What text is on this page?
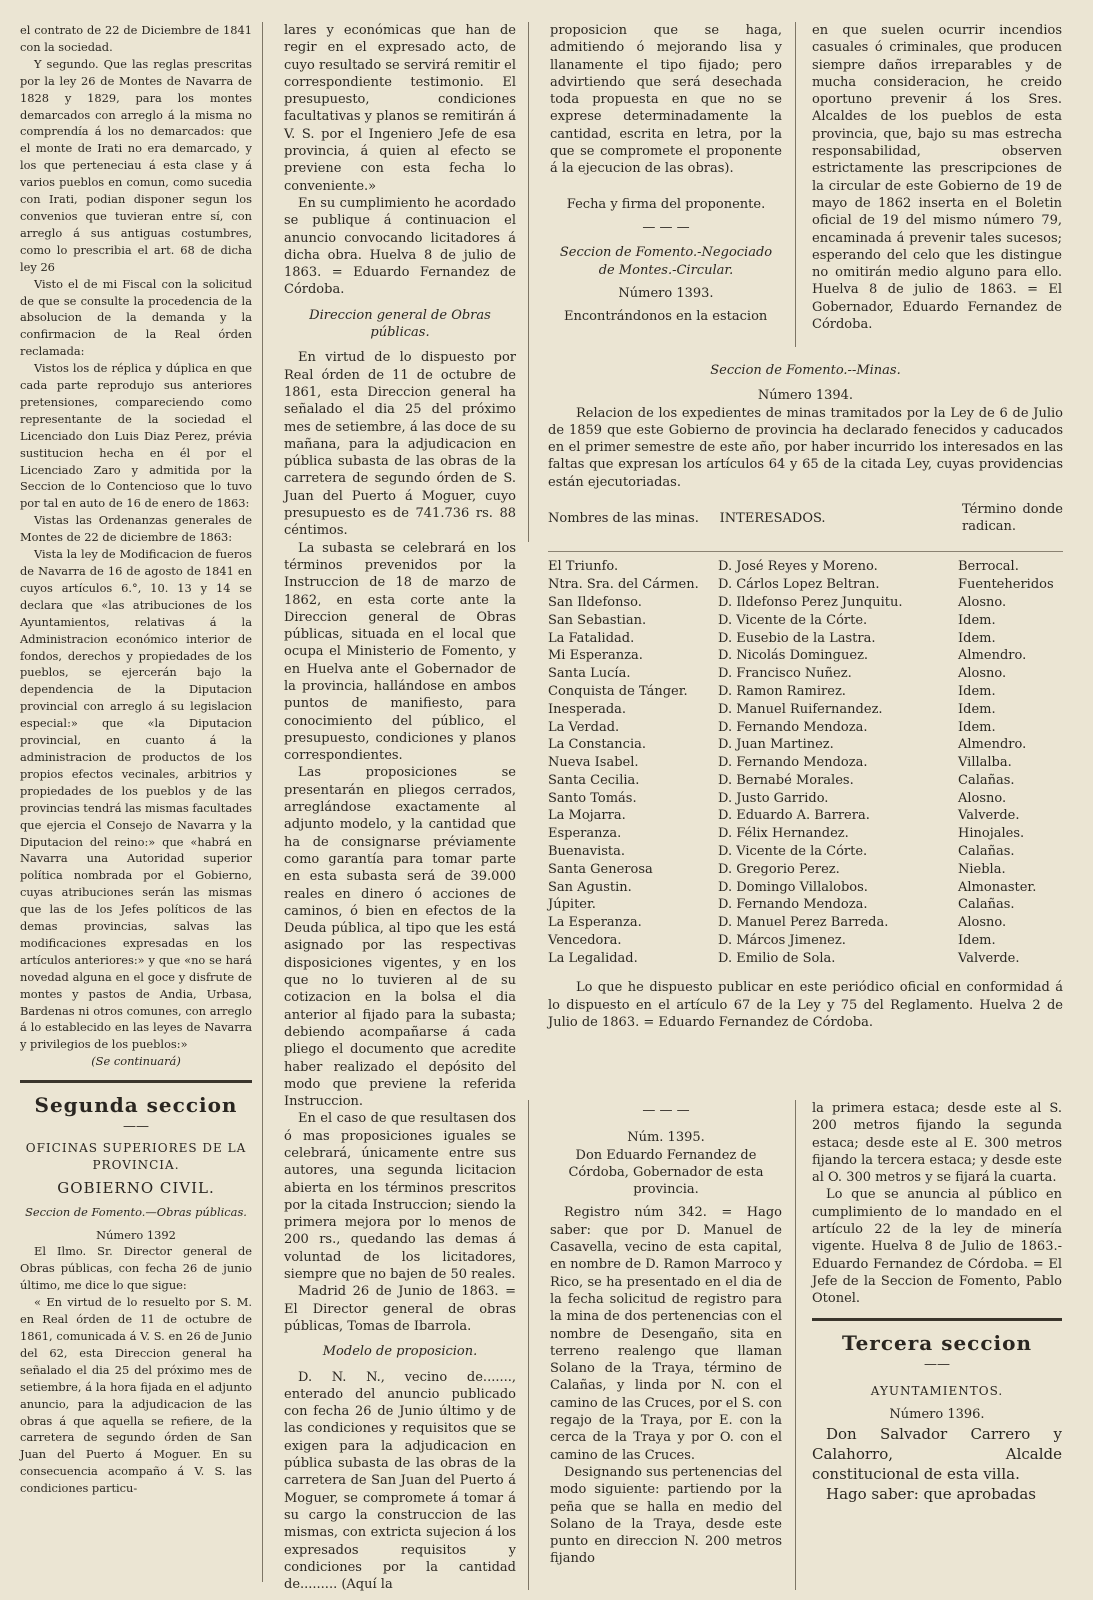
el contrato de 22 de Diciembre de 1841 con la sociedad.

Y segundo. Que las reglas prescritas por la ley 26 de Montes de Navarra de 1828 y 1829, para los montes demarcados con arreglo á la misma no comprendía á los no demarcados: que el monte de Irati no era demarcado, y los que perteneciau á esta clase y á varios pueblos en comun, como sucedia con Irati, podian disponer segun los convenios que tuvieran entre sí, con arreglo á sus antiguas costumbres, como lo prescribia el art. 68 de dicha ley 26

Visto el de mi Fiscal con la solicitud de que se consulte la procedencia de la absolucion de la demanda y la confirmacion de la Real órden reclamada:

Vistos los de réplica y dúplica en que cada parte reprodujo sus anteriores pretensiones, compareciendo como representante de la sociedad el Licenciado don Luis Diaz Perez, prévia sustitucion hecha en él por el Licenciado Zaro y admitida por la Seccion de lo Contencioso que lo tuvo por tal en auto de 16 de enero de 1863:

Vistas las Ordenanzas generales de Montes de 22 de diciembre de 1863:

Vista la ley de Modificacion de fueros de Navarra de 16 de agosto de 1841 en cuyos artículos 6.°, 10. 13 y 14 se declara que «las atribuciones de los Ayuntamientos, relativas á la Administracion económico interior de fondos, derechos y propiedades de los pueblos, se ejercerán bajo la dependencia de la Diputacion provincial con arreglo á su legislacion especial:» que «la Diputacion provincial, en cuanto á la administracion de productos de los propios efectos vecinales, arbitrios y propiedades de los pueblos y de las provincias tendrá las mismas facultades que ejercia el Consejo de Navarra y la Diputacion del reino:» que «habrá en Navarra una Autoridad superior política nombrada por el Gobierno, cuyas atribuciones serán las mismas que las de los Jefes políticos de las demas provincias, salvas las modificaciones expresadas en los artículos anteriores:» y que «no se hará novedad alguna en el goce y disfrute de montes y pastos de Andia, Urbasa, Bardenas ni otros comunes, con arreglo á lo establecido en las leyes de Navarra y privilegios de los pueblos:»

(Se continuará)

Segunda seccion
——
OFICINAS SUPERIORES DE LA PROVINCIA.
GOBIERNO CIVIL.

Seccion de Fomento.—Obras públicas.

Número 1392

El Ilmo. Sr. Director general de Obras públicas, con fecha 26 de junio último, me dice lo que sigue:

« En virtud de lo resuelto por S. M. en Real órden de 11 de octubre de 1861, comunicada á V. S. en 26 de Junio del 62, esta Direccion general ha señalado el dia 25 del próximo mes de setiembre, á la hora fijada en el adjunto anuncio, para la adjudicacion de las obras á que aquella se refiere, de la carretera de segundo órden de San Juan del Puerto á Moguer. En su consecuencia acompaño á V. S. las condiciones particu-

lares y económicas que han de regir en el expresado acto, de cuyo resultado se servirá remitir el correspondiente testimonio. El presupuesto, condiciones facultativas y planos se remitirán á V. S. por el Ingeniero Jefe de esa provincia, á quien al efecto se previene con esta fecha lo conveniente.»

En su cumplimiento he acordado se publique á continuacion el anuncio convocando licitadores á dicha obra. Huelva 8 de julio de 1863. = Eduardo Fernandez de Córdoba.

Direccion general de Obras públicas.

En virtud de lo dispuesto por Real órden de 11 de octubre de 1861, esta Direccion general ha señalado el dia 25 del próximo mes de setiembre, á las doce de su mañana, para la adjudicacion en pública subasta de las obras de la carretera de segundo órden de S. Juan del Puerto á Moguer, cuyo presupuesto es de 741.736 rs. 88 céntimos.

La subasta se celebrará en los términos prevenidos por la Instruccion de 18 de marzo de 1862, en esta corte ante la Direccion general de Obras públicas, situada en el local que ocupa el Ministerio de Fomento, y en Huelva ante el Gobernador de la provincia, hallándose en ambos puntos de manifiesto, para conocimiento del público, el presupuesto, condiciones y planos correspondientes.

Las proposiciones se presentarán en pliegos cerrados, arreglándose exactamente al adjunto modelo, y la cantidad que ha de consignarse préviamente como garantía para tomar parte en esta subasta será de 39.000 reales en dinero ó acciones de caminos, ó bien en efectos de la Deuda pública, al tipo que les está asignado por las respectivas disposiciones vigentes, y en los que no lo tuvieren al de su cotizacion en la bolsa el dia anterior al fijado para la subasta; debiendo acompañarse á cada pliego el documento que acredite haber realizado el depósito del modo que previene la referida Instruccion.

En el caso de que resultasen dos ó mas proposiciones iguales se celebrará, únicamente entre sus autores, una segunda licitacion abierta en los términos prescritos por la citada Instruccion; siendo la primera mejora por lo menos de 200 rs., quedando las demas á voluntad de los licitadores, siempre que no bajen de 50 reales.

Madrid 26 de Junio de 1863. = El Director general de obras públicas, Tomas de Ibarrola.

Modelo de proposicion.

D. N. N., vecino de......., enterado del anuncio publicado con fecha 26 de Junio último y de las condiciones y requisitos que se exigen para la adjudicacion en pública subasta de las obras de la carretera de San Juan del Puerto á Moguer, se compromete á tomar á su cargo la construccion de las mismas, con extricta sujecion á los expresados requisitos y condiciones por la cantidad de......... (Aquí la

proposicion que se haga, admitiendo ó mejorando lisa y llanamente el tipo fijado; pero advirtiendo que será desechada toda propuesta en que no se exprese determinadamente la cantidad, escrita en letra, por la que se compromete el proponente á la ejecucion de las obras).

Fecha y firma del proponente.

— — —

Seccion de Fomento.-Negociado de Montes.-Circular.

Número 1393.

Encontrándonos en la estacion

en que suelen ocurrir incendios casuales ó criminales, que producen siempre daños irreparables y de mucha consideracion, he creido oportuno prevenir á los Sres. Alcaldes de los pueblos de esta provincia, que, bajo su mas estrecha responsabilidad, observen estrictamente las prescripciones de la circular de este Gobierno de 19 de mayo de 1862 inserta en el Boletin oficial de 19 del mismo número 79, encaminada á prevenir tales sucesos; esperando del celo que les distingue no omitirán medio alguno para ello. Huelva 8 de julio de 1863. = El Gobernador, Eduardo Fernandez de Córdoba.

Seccion de Fomento.--Minas.

Número 1394.

Relacion de los expedientes de minas tramitados por la Ley de 6 de Julio de 1859 que este Gobierno de provincia ha declarado fenecidos y caducados en el primer semestre de este año, por haber incurrido los interesados en las faltas que expresan los artículos 64 y 65 de la citada Ley, cuyas providencias están ejecutoriadas.

Nombres de las minas.	INTERESADOS.	Término donde radican.

El Triunfo.	D. José Reyes y Moreno.	Berrocal.
Ntra. Sra. del Cármen.	D. Cárlos Lopez Beltran.	Fuenteheridos
San Ildefonso.	D. Ildefonso Perez Junquitu.	Alosno.
San Sebastian.	D. Vicente de la Córte.	Idem.
La Fatalidad.	D. Eusebio de la Lastra.	Idem.
Mi Esperanza.	D. Nicolás Dominguez.	Almendro.
Santa Lucía.	D. Francisco Nuñez.	Alosno.
Conquista de Tánger.	D. Ramon Ramirez.	Idem.
Inesperada.	D. Manuel Ruifernandez.	Idem.
La Verdad.	D. Fernando Mendoza.	Idem.
La Constancia.	D. Juan Martinez.	Almendro.
Nueva Isabel.	D. Fernando Mendoza.	Villalba.
Santa Cecilia.	D. Bernabé Morales.	Calañas.
Santo Tomás.	D. Justo Garrido.	Alosno.
La Mojarra.	D. Eduardo A. Barrera.	Valverde.
Esperanza.	D. Félix Hernandez.	Hinojales.
Buenavista.	D. Vicente de la Córte.	Calañas.
Santa Generosa	D. Gregorio Perez.	Niebla.
San Agustin.	D. Domingo Villalobos.	Almonaster.
Júpiter.	D. Fernando Mendoza.	Calañas.
La Esperanza.	D. Manuel Perez Barreda.	Alosno.
Vencedora.	D. Márcos Jimenez.	Idem.
La Legalidad.	D. Emilio de Sola.	Valverde.

Lo que he dispuesto publicar en este periódico oficial en conformidad á lo dispuesto en el artículo 67 de la Ley y 75 del Reglamento. Huelva 2 de Julio de 1863. = Eduardo Fernandez de Córdoba.

— — —

Núm. 1395.

Don Eduardo Fernandez de Córdoba, Gobernador de esta provincia.

Registro núm 342. = Hago saber: que por D. Manuel de Casavella, vecino de esta capital, en nombre de D. Ramon Marroco y Rico, se ha presentado en el dia de la fecha solicitud de registro para la mina de dos pertenencias con el nombre de Desengaño, sita en terreno realengo que llaman Solano de la Traya, término de Calañas, y linda por N. con el camino de las Cruces, por el S. con regajo de la Traya, por E. con la cerca de la Traya y por O. con el camino de las Cruces.

Designando sus pertenencias del modo siguiente: partiendo por la peña que se halla en medio del Solano de la Traya, desde este punto en direccion N. 200 metros fijando

la primera estaca; desde este al S. 200 metros fijando la segunda estaca; desde este al E. 300 metros fijando la tercera estaca; y desde este al O. 300 metros y se fijará la cuarta.

Lo que se anuncia al público en cumplimiento de lo mandado en el artículo 22 de la ley de minería vigente. Huelva 8 de Julio de 1863.-Eduardo Fernandez de Córdoba. = El Jefe de la Seccion de Fomento, Pablo Otonel.

Tercera seccion
——
AYUNTAMIENTOS.

Número 1396.

Don Salvador Carrero y Calahorro, Alcalde constitucional de esta villa.

Hago saber: que aprobadas
